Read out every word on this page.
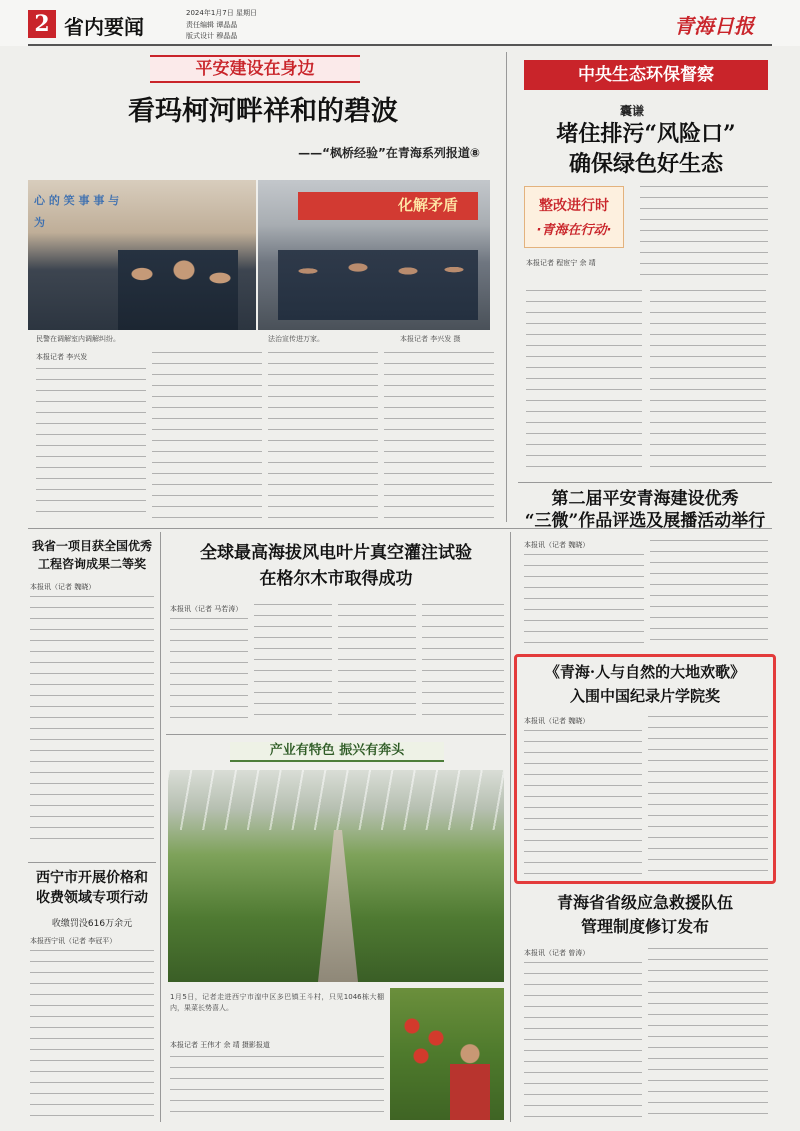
2 省内要闻
2024年1月7日 星期日
责任编辑 谭晶晶
版式设计 穆晶晶	青海日报
平安建设在身边
看玛柯河畔祥和的碧波
——“枫桥经验”在青海系列报道⑧
心 的 笑 事 事 与 为
化解矛盾
民警在调解室内调解纠纷。	法治宣传进万家。	本报记者 李兴发 摄
本报记者 李兴发
中央生态环保督察
囊谦
堵住排污“风险口”
确保绿色好生态
整改进行时
·青海在行动·
本报记者 程宦宁 余 靖
第二届平安青海建设优秀
“三微”作品评选及展播活动举行
本报讯（记者 魏晓）
我省一项目获全国优秀
工程咨询成果二等奖
本报讯（记者 魏晓）
西宁市开展价格和
收费领域专项行动
收缴罚没616万余元
本报西宁讯（记者 李冠平）
全球最高海拔风电叶片真空灌注试验
在格尔木市取得成功
本报讯（记者 马若涛）
产业有特色 振兴有奔头
1月5日，记者走进西宁市湟中区多巴镇王斗村，只见1046栋大棚内，果菜长势喜人。
本报记者 王伟才 余 靖 摄影报道
《青海·人与自然的大地欢歌》
入围中国纪录片学院奖
本报讯（记者 魏晓）
青海省省级应急救援队伍
管理制度修订发布
本报讯（记者 曾涛）
